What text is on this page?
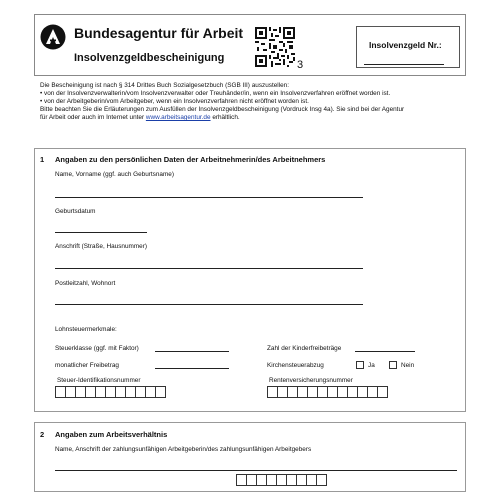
Bundesagentur für Arbeit
Insolvenzgeldbescheinigung
3
Insolvenzgeld Nr.:
Die Bescheinigung ist nach § 314 Drittes Buch Sozialgesetzbuch (SGB III) auszustellen:
• von der Insolvenzverwalterin/vom Insolvenzverwalter oder Treuhänder/in, wenn ein Insolvenzverfahren eröffnet worden ist.
• von der Arbeitgeberin/vom Arbeitgeber, wenn ein Insolvenzverfahren nicht eröffnet worden ist.
Bitte beachten Sie die Erläuterungen zum Ausfüllen der Insolvenzgeldbescheinigung (Vordruck Insg 4a). Sie sind bei der Agentur
für Arbeit oder auch im Internet unter www.arbeitsagentur.de erhältlich.
1 Angaben zu den persönlichen Daten der Arbeitnehmerin/des Arbeitnehmers
Name, Vorname (ggf. auch Geburtsname)
Geburtsdatum
Anschrift (Straße, Hausnummer)
Postleitzahl, Wohnort
Lohnsteuermerkmale:
Steuerklasse (ggf. mit Faktor)	Zahl der Kinderfreibeträge
monatlicher Freibetrag	Kirchensteuerabzug	Ja	Nein
Steuer-Identifikationsnummer	Rentenversicherungsnummer
2 Angaben zum Arbeitsverhältnis
Name, Anschrift der zahlungsunfähigen Arbeitgeberin/des zahlungsunfähigen Arbeitgebers
